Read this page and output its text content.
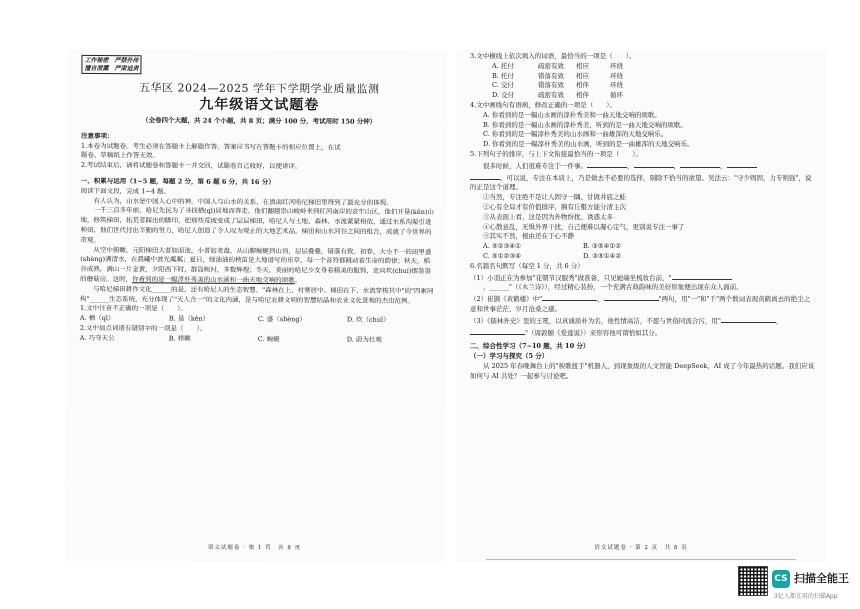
工作秘密　严禁外传
擅自泄露　严肃追责
五华区 2024—2025 学年下学期学业质量监测
九年级语文试题卷
（全卷四个大题，共 24 个小题，共 8 页；满分 100 分，考试用时 150 分钟）

注意事项：

1.本卷为试题卷。考生必须在答题卡上解题作答。答案应书写在答题卡的相应位置上，在试

题卷、草稿纸上作答无效。

2.考试结束后，请将试题卷和答题卡一并交回，试题卷自己收好，以便讲评。

一、积累与运用（1~5 题，每题 2 分，第 6 题 6 分，共 16 分）

阅读下面文段，完成 1~4 题。

有人认为，山水是中国人心中的神。中国人与山水的关系，在滇南红河哈尼梯田里得到了最充分的体现。

一千三百多年前，哈尼先民为了寻找栖(qī)居地而奔走，他们翻越崇山峻岭来到红河南岸的哀牢山区，他们开垦(kěn)山地，修筑梯田，拓荒者踩出的脚印，把那些荒坡变成了层层梯田，哈尼人与土地、森林、水流紧紧相依，通过水系沟渠引进种田，他们世代付出辛勤的努力，哈尼人创造了令人叹为观止的大地艺术品。梯田和山水河谷之间的组合，成就了今世界的奇观。

从空中俯瞰，元阳梯田大者如面池，小者如麦盘，从山脚蜿蜒到山顶，层层叠叠，错落有致。初春，大小不一的田里盛(shèng)满清水，在晨曦中波光粼粼；夏日，绿油油的秧苗是大地谱写的乐章，每一个音符都跳动着生命的韵律；秋天，稻谷成熟，满山一片金黄，夕阳西下时，群岛映衬，多数辉煌；冬天，美丽的哈尼少女身着精美的服饰，走向坎(chuí)烟袅袅的蘑菇房。这时，你看到的是一幅淳朴秀美的山水画和一曲天地交响的颂歌。

与哈尼梯田耕作文化______的是，还有哈尼人的生态智慧。"森林在上、村寨居中、梯田在下、水流穿梭其中"的"四素同构"______生态系统，充分体现了"天人合一"的文化内涵，是与哈尼农耕文明的智慧结晶和农业文化景观的杰出范例。

1.文中注音不正确的一项是（　　）。

A. 栖（qī）	B. 垦（kěn）	C. 盛（shèng）	D. 炊（chuī）

2.文中加点词语有错别字的一项是（　　）。

A. 巧夺天公	B. 栉瞰	C. 蜿蜒	D. 蔚为壮观
语文试题卷 · 第 1 页　共 8 页

3.文中横线上依次填入的词语，最恰当的一项是（　　）。

A. 托付	疏密有致	相应	环绕
B. 托付	错落有致	相应	环绕
C. 交付	错落有致	相伴	环绕
D. 交付	疏密有致	相伴	循环

4.文中画线句有语病，修改正确的一项是（　　）。

A. 你看到的是一幅山水画的淳朴秀美和一曲天地交响的颂歌。

B. 你看到的是一幅山水画的淳朴秀美，听到的是一曲天地交响的颂歌。

C. 你看到的是一幅淳朴秀美的山水画和一曲雄浑的天地交响乐。

D. 你看到的是一幅淳朴秀美的山水画，听到的是一曲雄浑的天地交响乐。

5.下列句子的排序，与上下文衔接最恰当的一项是（　　）。

很多时候，人们很难专注于一件事。	，	，	，

。可以说，专注在本质上，乃是做去不必要的选择，剔除不恰当的欲望。吴法云："守少则固，力专则强"，说的正是这个道理。

①当然，专注绝不是让人固守一隅、甘做井底之蛙

②心有全局才有价值排序，胸有丘壑方能分清主次

③从表面上看，这是因为外物纷扰、诱惑太多

④心散意乱，无惧外界干扰，自己便难以凝心定气，更别说专注一事了

⑤其实不然，根由还在于心不静

A. ⑤②③④①	B. ③⑤④①②
C. ⑤①②③④	D. ③⑤①④②

6.名篇名句默写（每空 1 分，共 6 分）

（1）小羽正在为参加"花朝节汉服秀"做准备，只见她端坐梳妆台前，"

，______"（《木兰诗》），经过精心装扮，一个充满古典韵味的美好形象便出现在众人面前。

（2）崔颢《黄鹤楼》中"	，	"两句，用"一"和"千"两个数词表现黄鹤离去的绝尘之意和世事茫茫、岁月沧桑之感。

（3）《儒林外史》里的王冕，以真诚质朴为名，他性情高洁，不愿与世俗同流合污，用"	，"（周敦颐《爱莲说》）来形容他可谓恰如其分。

二、综合性学习（7~10 题，共 10 分）

（一）学习与探究（5 分）

从 2025 年春晚舞台上的"秧歌扭手"机器人，到现象级的人文智能 DeepSeek，AI 成了今年最热的话题。我们应该如何与 AI 共处？一起参与讨论吧。

语文试题卷 · 第 2 页　共 8 页
CS 扫描全能王
3亿人都在用的扫描App
